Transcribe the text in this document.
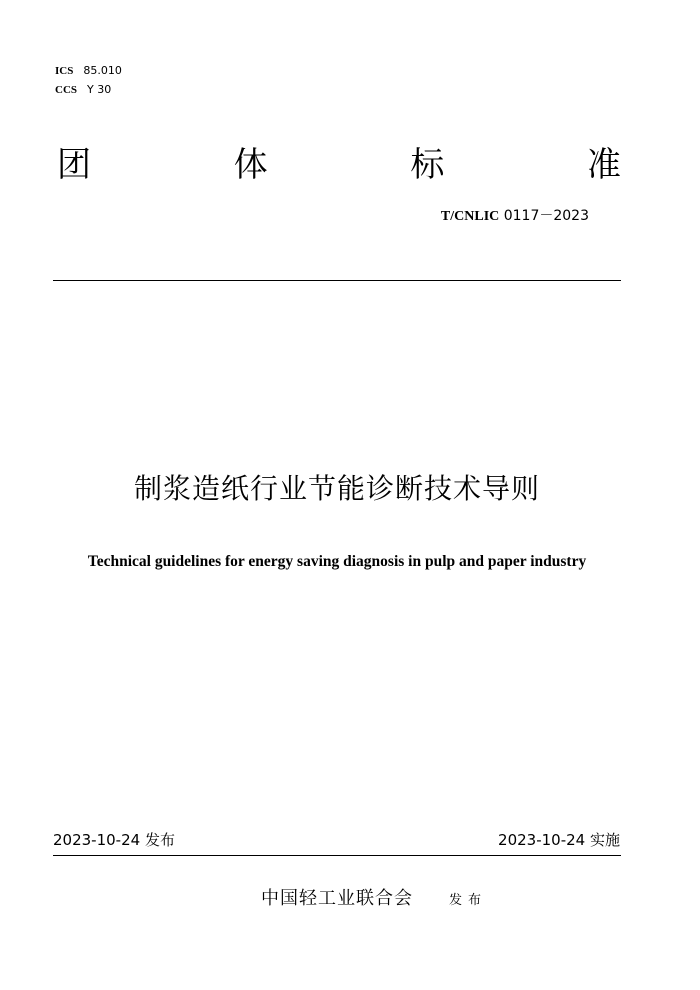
ICS 85.010
CCS Y 30
团	体	标	准
T/CNLIC 0117－2023
制浆造纸行业节能诊断技术导则
Technical guidelines for energy saving diagnosis in pulp and paper industry
2023-10-24 发布	2023-10-24 实施
中国轻工业联合会	发布
